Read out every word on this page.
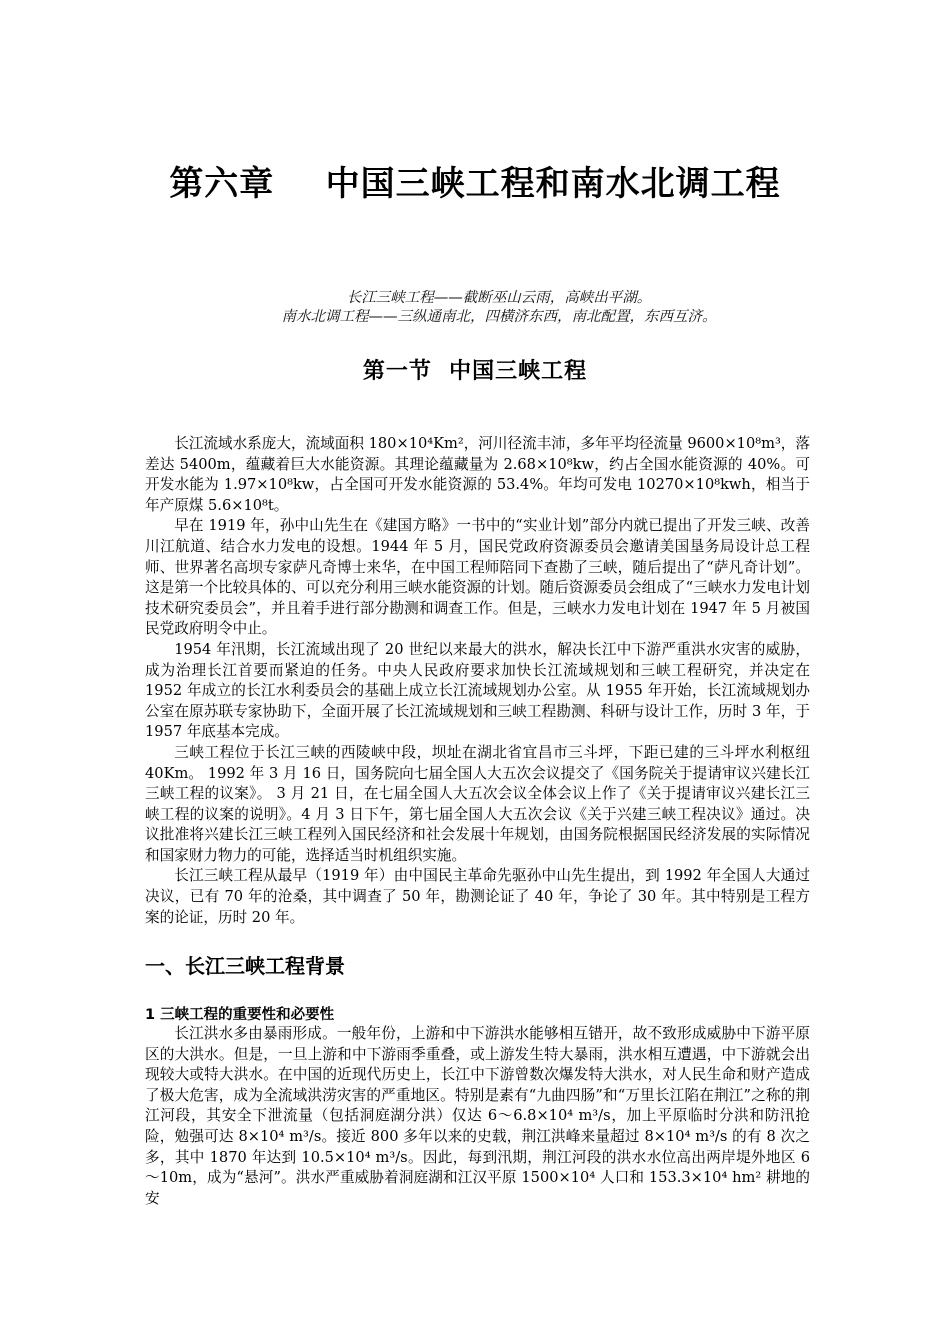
第六章    中国三峡工程和南水北调工程
长江三峡工程——截断巫山云雨，高峡出平湖。
南水北调工程——三纵通南北，四横济东西，南北配置，东西互济。
第一节  中国三峡工程

长江流域水系庞大，流域面积 180×10⁴Km²，河川径流丰沛，多年平均径流量 9600×10⁸m³，落差达 5400m，蕴藏着巨大水能资源。其理论蕴藏量为 2.68×10⁸kw，约占全国水能资源的 40%。可开发水能为 1.97×10⁸kw，占全国可开发水能资源的 53.4%。年均可发电 10270×10⁸kwh，相当于年产原煤 5.6×10⁸t。

早在 1919 年，孙中山先生在《建国方略》一书中的“实业计划”部分内就已提出了开发三峡、改善川江航道、结合水力发电的设想。1944 年 5 月，国民党政府资源委员会邀请美国垦务局设计总工程师、世界著名高坝专家萨凡奇博士来华，在中国工程师陪同下查勘了三峡，随后提出了“萨凡奇计划”。这是第一个比较具体的、可以充分利用三峡水能资源的计划。随后资源委员会组成了“三峡水力发电计划技术研究委员会”，并且着手进行部分勘测和调查工作。但是，三峡水力发电计划在 1947 年 5 月被国民党政府明令中止。

1954 年汛期，长江流域出现了 20 世纪以来最大的洪水，解决长江中下游严重洪水灾害的威胁，成为治理长江首要而紧迫的任务。中央人民政府要求加快长江流域规划和三峡工程研究，并决定在 1952 年成立的长江水利委员会的基础上成立长江流域规划办公室。从 1955 年开始，长江流域规划办公室在原苏联专家协助下，全面开展了长江流域规划和三峡工程勘测、科研与设计工作，历时 3 年，于 1957 年底基本完成。

三峡工程位于长江三峡的西陵峡中段，坝址在湖北省宜昌市三斗坪，下距已建的三斗坪水利枢纽 40Km。 1992 年 3 月 16 日，国务院向七届全国人大五次会议提交了《国务院关于提请审议兴建长江三峡工程的议案》。 3 月 21 日，在七届全国人大五次会议全体会议上作了《关于提请审议兴建长江三峡工程的议案的说明》。4 月 3 日下午，第七届全国人大五次会议《关于兴建三峡工程决议》通过。决议批准将兴建长江三峡工程列入国民经济和社会发展十年规划，由国务院根据国民经济发展的实际情况和国家财力物力的可能，选择适当时机组织实施。

长江三峡工程从最早（1919 年）由中国民主革命先驱孙中山先生提出，到 1992 年全国人大通过决议，已有 70 年的沧桑，其中调查了 50 年，勘测论证了 40 年，争论了 30 年。其中特别是工程方案的论证，历时 20 年。

一、长江三峡工程背景
1 三峡工程的重要性和必要性

长江洪水多由暴雨形成。一般年份，上游和中下游洪水能够相互错开，故不致形成威胁中下游平原区的大洪水。但是，一旦上游和中下游雨季重叠，或上游发生特大暴雨，洪水相互遭遇，中下游就会出现较大或特大洪水。在中国的近现代历史上，长江中下游曾数次爆发特大洪水，对人民生命和财产造成了极大危害，成为全流域洪涝灾害的严重地区。特别是素有“九曲四肠”和“万里长江陷在荆江”之称的荆江河段，其安全下泄流量（包括洞庭湖分洪）仅达 6～6.8×10⁴ m³/s，加上平原临时分洪和防汛抢险，勉强可达 8×10⁴ m³/s。接近 800 多年以来的史载，荆江洪峰来量超过 8×10⁴ m³/s 的有 8 次之多，其中 1870 年达到 10.5×10⁴ m³/s。因此，每到汛期，荆江河段的洪水水位高出两岸堤外地区 6～10m，成为“悬河”。洪水严重威胁着洞庭湖和江汉平原 1500×10⁴ 人口和 153.3×10⁴ hm² 耕地的安
